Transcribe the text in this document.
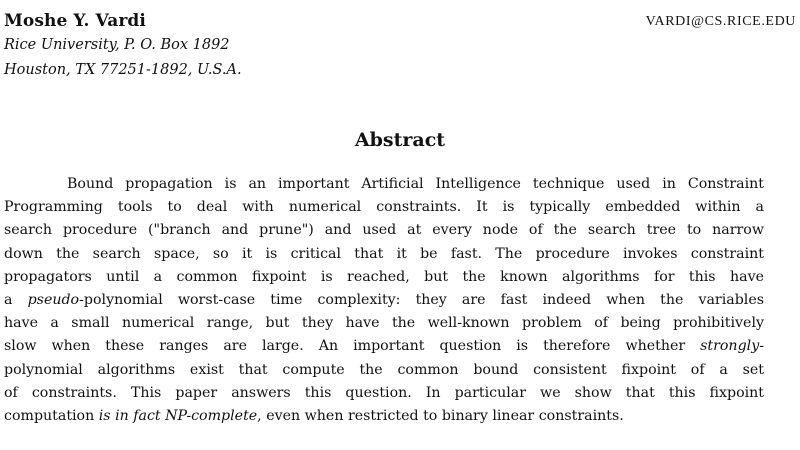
Moshe Y. Vardi	VARDI@CS.RICE.EDU
Rice University, P. O. Box 1892
Houston, TX 77251-1892, U.S.A.
Abstract
Bound propagation is an important Artificial Intelligence technique used in Constraint
Programming tools to deal with numerical constraints. It is typically embedded within a
search procedure ("branch and prune") and used at every node of the search tree to narrow
down the search space, so it is critical that it be fast. The procedure invokes constraint
propagators until a common fixpoint is reached, but the known algorithms for this have
a pseudo-polynomial worst-case time complexity: they are fast indeed when the variables
have a small numerical range, but they have the well-known problem of being prohibitively
slow when these ranges are large. An important question is therefore whether strongly-
polynomial algorithms exist that compute the common bound consistent fixpoint of a set
of constraints. This paper answers this question. In particular we show that this fixpoint
computation is in fact NP-complete, even when restricted to binary linear constraints.
